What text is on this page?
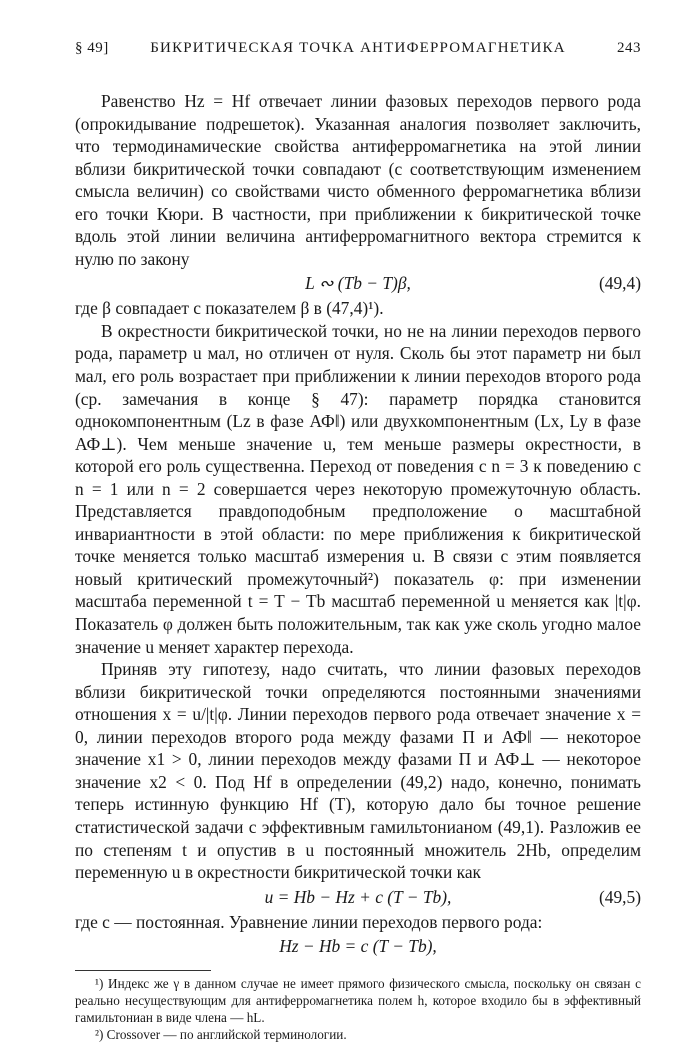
§ 49]	БИКРИТИЧЕСКАЯ ТОЧКА АНТИФЕРРОМАГНЕТИКА	243

Равенство Hz = Hf отвечает линии фазовых переходов первого рода (опрокидывание подрешеток). Указанная аналогия позволяет заключить, что термодинамические свойства антиферромагнетика на этой линии вблизи бикритической точки совпадают (с соответствующим изменением смысла величин) со свойствами чисто обменного ферромагнетика вблизи его точки Кюри. В частности, при приближении к бикритической точке вдоль этой линии величина антиферромагнитного вектора стремится к нулю по закону

L ∾ (Tb − T)β,	(49,4)

где β совпадает с показателем β в (47,4)¹).

В окрестности бикритической точки, но не на линии переходов первого рода, параметр u мал, но отличен от нуля. Сколь бы этот параметр ни был мал, его роль возрастает при приближении к линии переходов второго рода (ср. замечания в конце § 47): параметр порядка становится однокомпонентным (Lz в фазе АФ‖) или двухкомпонентным (Lx, Ly в фазе АФ⊥). Чем меньше значение u, тем меньше размеры окрестности, в которой его роль существенна. Переход от поведения с n = 3 к поведению с n = 1 или n = 2 совершается через некоторую промежуточную область. Представляется правдоподобным предположение о масштабной инвариантности в этой области: по мере приближения к бикритической точке меняется только масштаб измерения u. В связи с этим появляется новый критический промежуточный²) показатель φ: при изменении масштаба переменной t = T − Tb масштаб переменной u меняется как |t|φ. Показатель φ должен быть положительным, так как уже сколь угодно малое значение u меняет характер перехода.

Приняв эту гипотезу, надо считать, что линии фазовых переходов вблизи бикритической точки определяются постоянными значениями отношения x = u/|t|φ. Линии переходов первого рода отвечает значение x = 0, линии переходов второго рода между фазами П и АФ‖ — некоторое значение x1 > 0, линии переходов между фазами П и АФ⊥ — некоторое значение x2 < 0. Под Hf в определении (49,2) надо, конечно, понимать теперь истинную функцию Hf (T), которую дало бы точное решение статистической задачи с эффективным гамильтонианом (49,1). Разложив ее по степеням t и опустив в u постоянный множитель 2Hb, определим переменную u в окрестности бикритической точки как

u = Hb − Hz + c (T − Tb),	(49,5)

где c — постоянная. Уравнение линии переходов первого рода:

Hz − Hb = c (T − Tb),

¹) Индекс же γ в данном случае не имеет прямого физического смысла, поскольку он связан с реально несуществующим для антиферромагнетика полем h, которое входило бы в эффективный гамильтониан в виде члена — hL.

²) Crossover — по английской терминологии.
